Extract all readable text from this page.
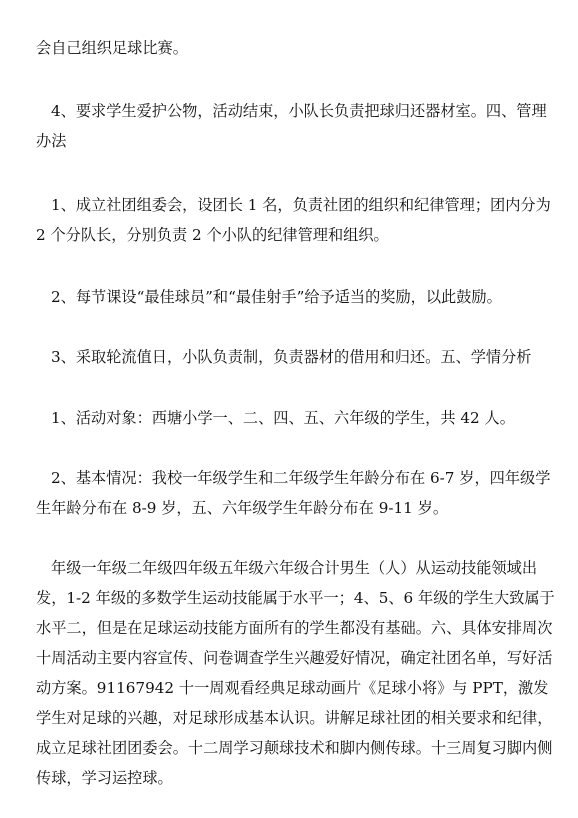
会自己组织足球比赛。

4、要求学生爱护公物，活动结束，小队长负责把球归还器材室。四、管理办法

1、成立社团组委会，设团长 1 名，负责社团的组织和纪律管理；团内分为 2 个分队长，分别负责 2 个小队的纪律管理和组织。

2、每节课设“最佳球员”和“最佳射手”给予适当的奖励，以此鼓励。

3、采取轮流值日，小队负责制，负责器材的借用和归还。五、学情分析

1、活动对象：西塘小学一、二、四、五、六年级的学生，共 42 人。

2、基本情况：我校一年级学生和二年级学生年龄分布在 6-7 岁，四年级学生年龄分布在 8-9 岁，五、六年级学生年龄分布在 9-11 岁。

年级一年级二年级四年级五年级六年级合计男生（人）从运动技能领域出发，1-2 年级的多数学生运动技能属于水平一；4、5、6 年级的学生大致属于水平二，但是在足球运动技能方面所有的学生都没有基础。六、具体安排周次十周活动主要内容宣传、问卷调查学生兴趣爱好情况，确定社团名单，写好活动方案。91167942 十一周观看经典足球动画片《足球小将》与 PPT，激发学生对足球的兴趣，对足球形成基本认识。讲解足球社团的相关要求和纪律，成立足球社团团委会。十二周学习颠球技术和脚内侧传球。十三周复习脚内侧传球，学习运控球。
